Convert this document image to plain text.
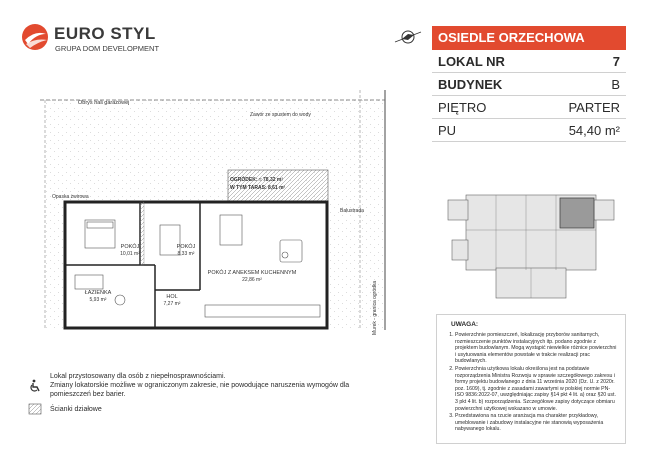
EURO STYL
GRUPA DOM DEVELOPMENT
OSIEDLE ORZECHOWA
LOKAL NR	7
BUDYNEK	B
PIĘTRO	PARTER
PU	54,40 m²
UWAGA:
1. Powierzchnie pomieszczeń, lokalizację przyborów sanitarnych, rozmieszczenie punktów instalacyjnych itp. podano zgodnie z projektem budowlanym. Mogą wystąpić niewielkie różnice powierzchni i usytuowania elementów powstałe w trakcie realizacji prac budowlanych.
2. Powierzchnia użytkowa lokalu określona jest na podstawie rozporządzenia Ministra Rozwoju w sprawie szczegółowego zakresu i formy projektu budowlanego z dnia 11 września 2020 (Dz. U. z 2020r. poz. 1609), tj. zgodnie z zasadami zawartymi w polskiej normie PN-ISO 9836:2022-07, uwzględniając zapisy §14 pkt 4 lit. a) oraz §20 ust. 3 pkt 4 lit. b) rozporządzenia. Szczegółowe zapisy dotyczące obmiaru powierzchni użytkowej wskazano w umowie.
3. Przedstawiona na rzucie aranżacja ma charakter przykładowy, umeblowanie i zabudowy instalacyjne nie stanowią wyposażenia nabywanego lokalu.
Obrys hali garażowej
Zawór ze spustem do wody
OGRÓDEK: ≈ 78,32 m²
W TYM TARAS: 8,61 m²
Opaska żwirowa
Balustrada
Murek - granica ogródka
POKÓJ
10,01 m²
POKÓJ
8,33 m²
POKÓJ Z ANEKSEM KUCHENNYM
22,86 m²
ŁAZIENKA
5,93 m²	HOL
7,27 m²
Lokal przystosowany dla osób z niepełnosprawnościami.
Zmiany lokatorskie możliwe w ograniczonym zakresie, nie powodujące naruszenia wymogów dla pomieszczeń bez barier.
Ścianki działowe
